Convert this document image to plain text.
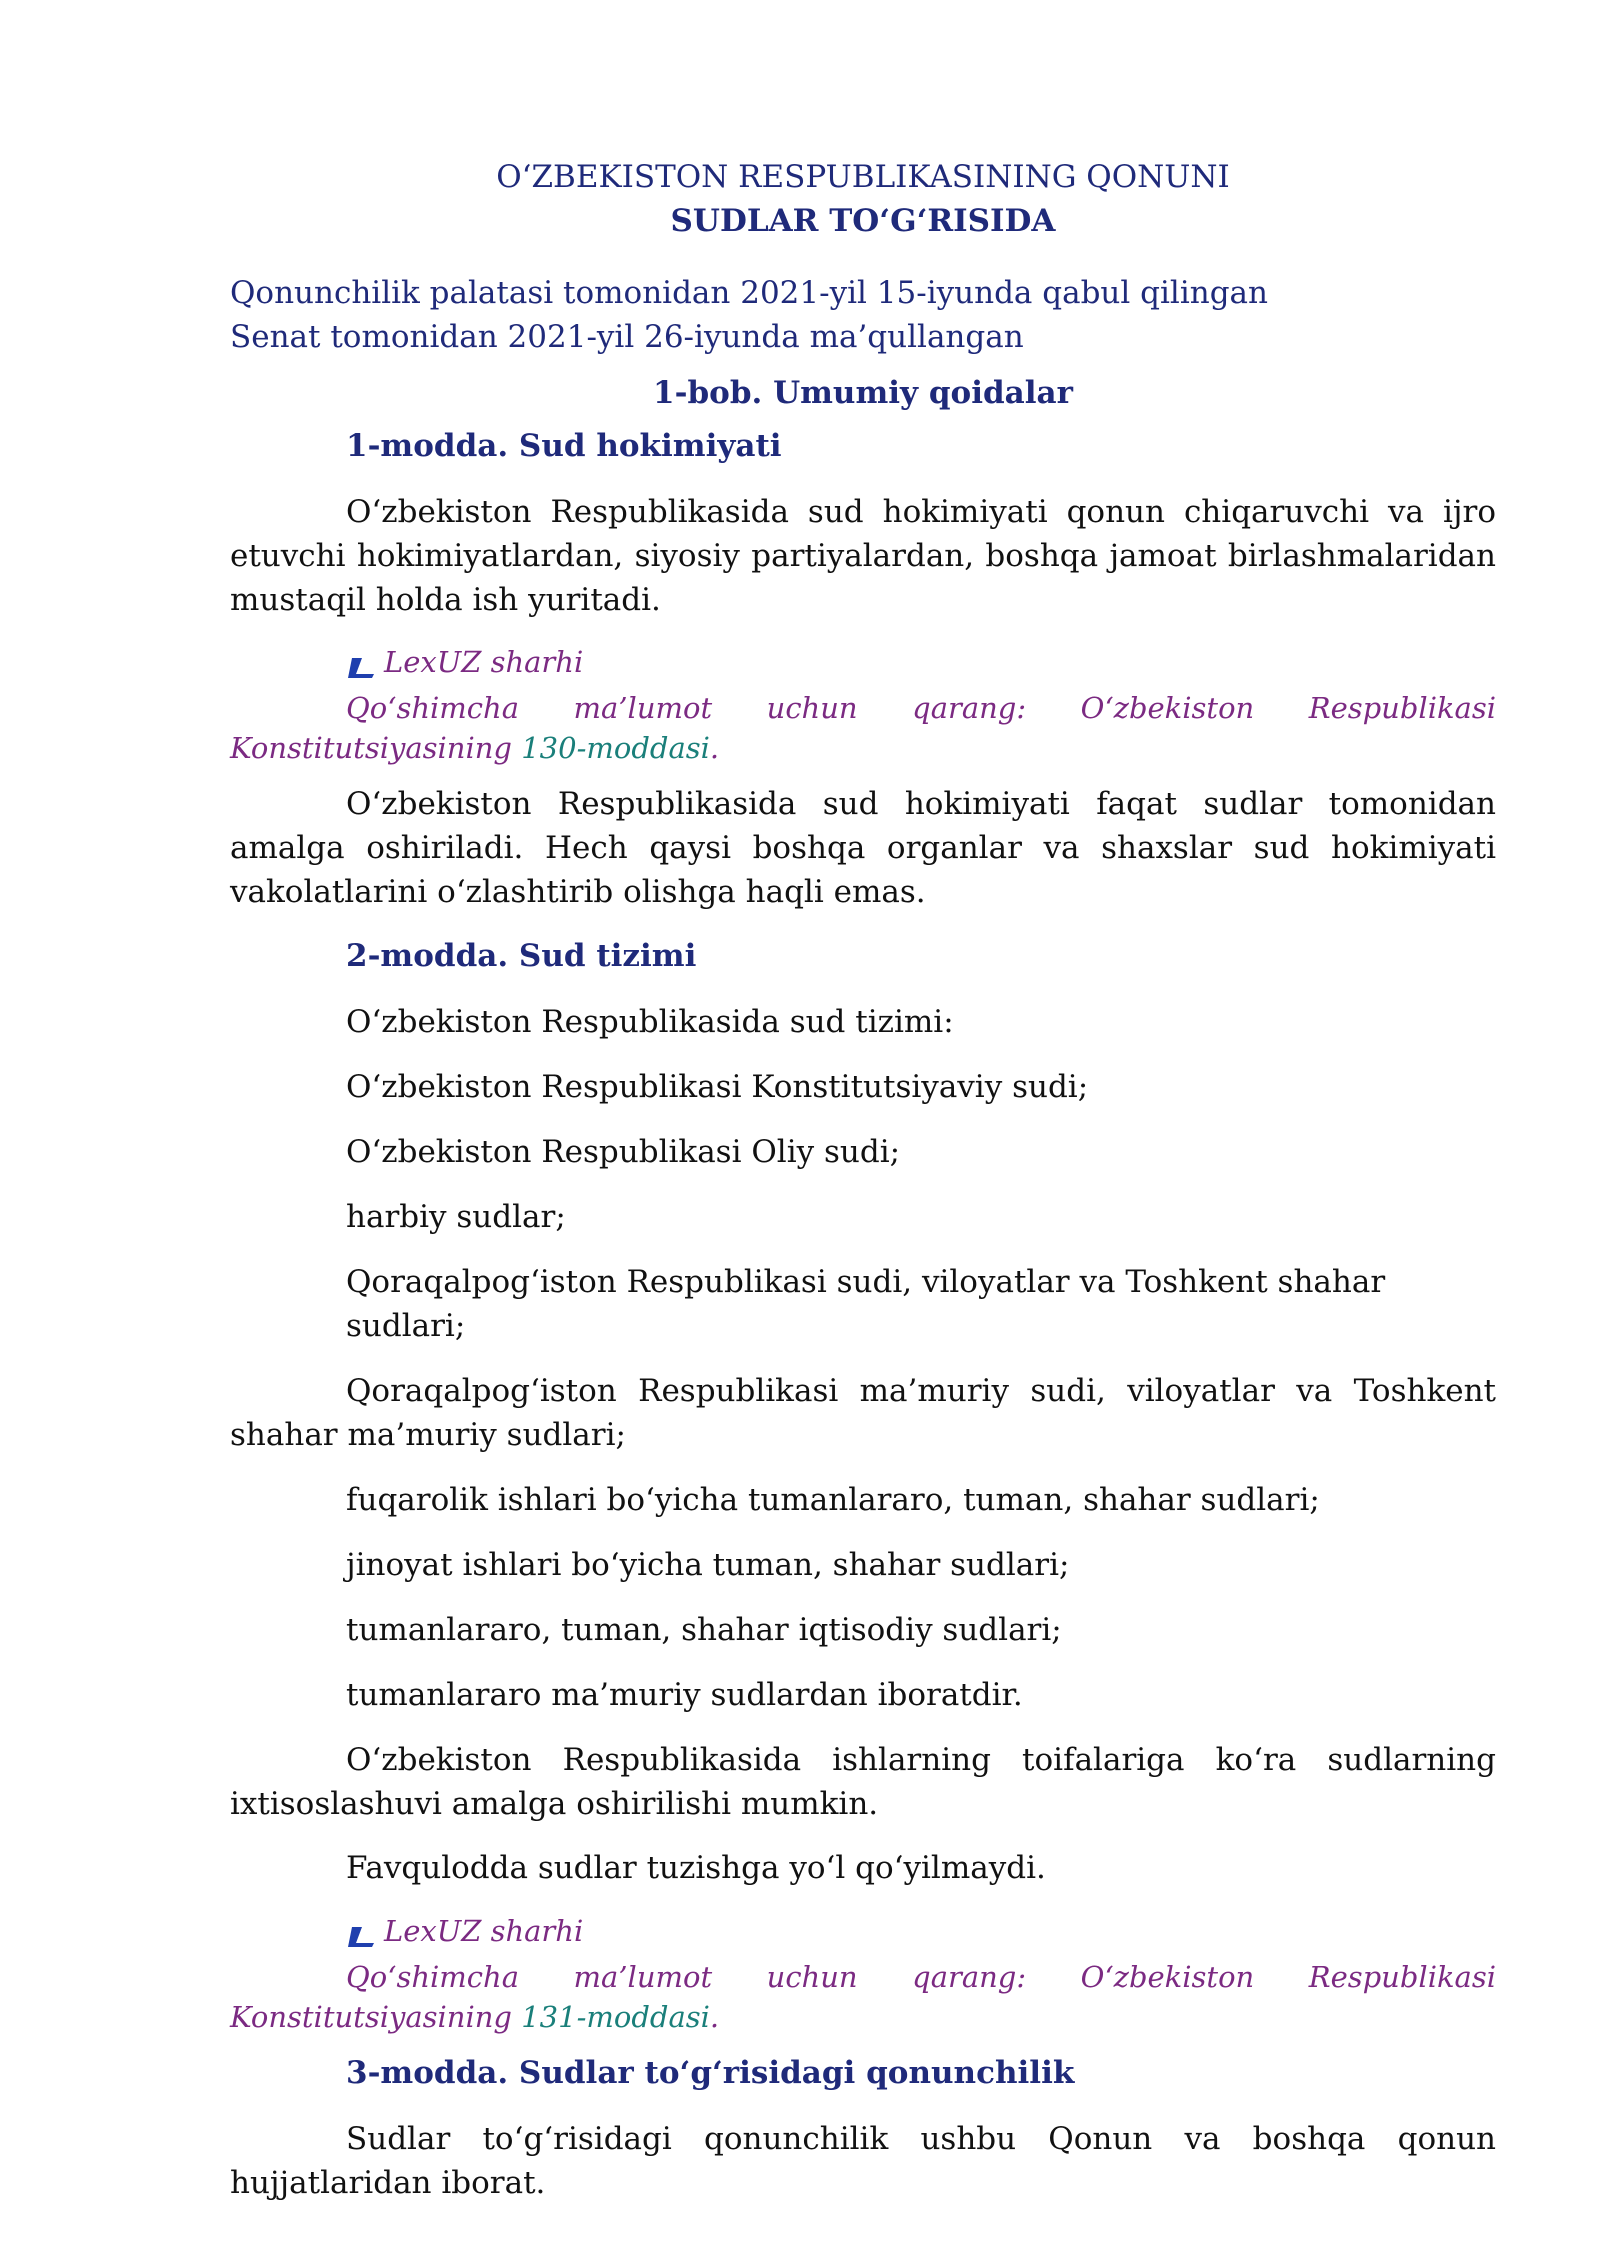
O‘ZBEKISTON RESPUBLIKASINING QONUNI

SUDLAR TO‘G‘RISIDA

Qonunchilik palatasi tomonidan 2021-yil 15-iyunda qabul qilingan

Senat tomonidan 2021-yil 26-iyunda ma’qullangan

1-bob. Umumiy qoidalar

1-modda. Sud hokimiyati

O‘zbekiston Respublikasida sud hokimiyati qonun chiqaruvchi va ijro etuvchi hokimiyatlardan, siyosiy partiyalardan, boshqa jamoat birlashmalaridan mustaqil holda ish yuritadi.

LexUZ sharhi

Qo‘shimcha ma’lumot uchun qarang: O‘zbekiston Respublikasi Konstitutsiyasining 130-moddasi.

O‘zbekiston Respublikasida sud hokimiyati faqat sudlar tomonidan amalga oshiriladi. Hech qaysi boshqa organlar va shaxslar sud hokimiyati vakolatlarini o‘zlashtirib olishga haqli emas.

2-modda. Sud tizimi

O‘zbekiston Respublikasida sud tizimi:

O‘zbekiston Respublikasi Konstitutsiyaviy sudi;

O‘zbekiston Respublikasi Oliy sudi;

harbiy sudlar;

Qoraqalpog‘iston Respublikasi sudi, viloyatlar va Toshkent shahar sudlari;

Qoraqalpog‘iston Respublikasi ma’muriy sudi, viloyatlar va Toshkent shahar ma’muriy sudlari;

fuqarolik ishlari bo‘yicha tumanlararo, tuman, shahar sudlari;

jinoyat ishlari bo‘yicha tuman, shahar sudlari;

tumanlararo, tuman, shahar iqtisodiy sudlari;

tumanlararo ma’muriy sudlardan iboratdir.

O‘zbekiston Respublikasida ishlarning toifalariga ko‘ra sudlarning ixtisoslashuvi amalga oshirilishi mumkin.

Favqulodda sudlar tuzishga yo‘l qo‘yilmaydi.

LexUZ sharhi

Qo‘shimcha ma’lumot uchun qarang: O‘zbekiston Respublikasi Konstitutsiyasining 131-moddasi.

3-modda. Sudlar to‘g‘risidagi qonunchilik

Sudlar to‘g‘risidagi qonunchilik ushbu Qonun va boshqa qonun hujjatlaridan iborat.
